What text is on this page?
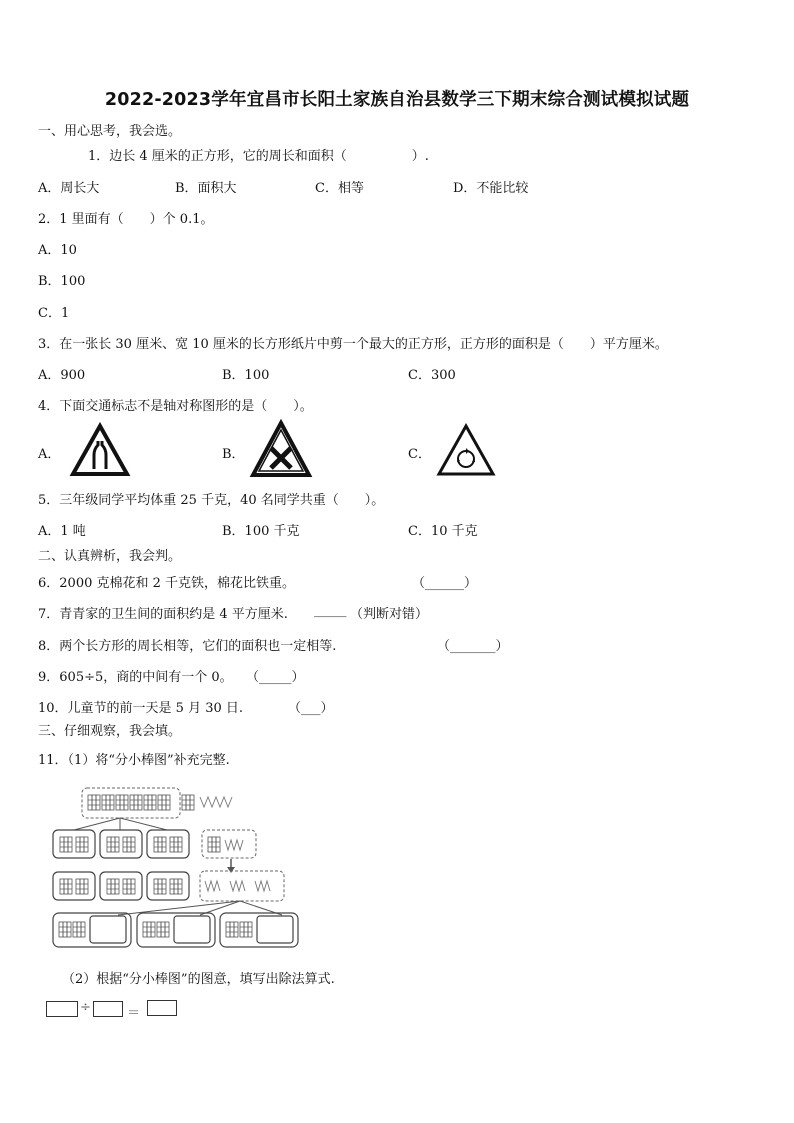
2022-2023学年宜昌市长阳土家族自治县数学三下期末综合测试模拟试题
一、用心思考，我会选。
1．边长 4 厘米的正方形，它的周长和面积（　　　　　）.
A．周长大	B．面积大	C．相等	D．不能比较
2．1 里面有（　　）个 0.1。
A．10
B．100
C．1
3．在一张长 30 厘米、宽 10 厘米的长方形纸片中剪一个最大的正方形，正方形的面积是（　　）平方厘米。
A．900	B．100	C．300
4．下面交通标志不是轴对称图形的是（　　）。
A．	B．	C．
5．三年级同学平均体重 25 千克，40 名同学共重（　　）。
A．1 吨	B．100 千克	C．10 千克
二、认真辨析，我会判。
6．2000 克棉花和 2 千克铁，棉花比铁重。	（______）
7．青青家的卫生间的面积约是 4 平方厘米. _____ （判断对错）
8．两个长方形的周长相等，它们的面积也一定相等.	（_______）
9．605÷5，商的中间有一个 0。 （_____）
10．儿童节的前一天是 5 月 30 日.	（___）
三、仔细观察，我会填。
11．（1）将“分小棒图”补充完整.
（2）根据“分小棒图”的图意，填写出除法算式.
÷	＝
